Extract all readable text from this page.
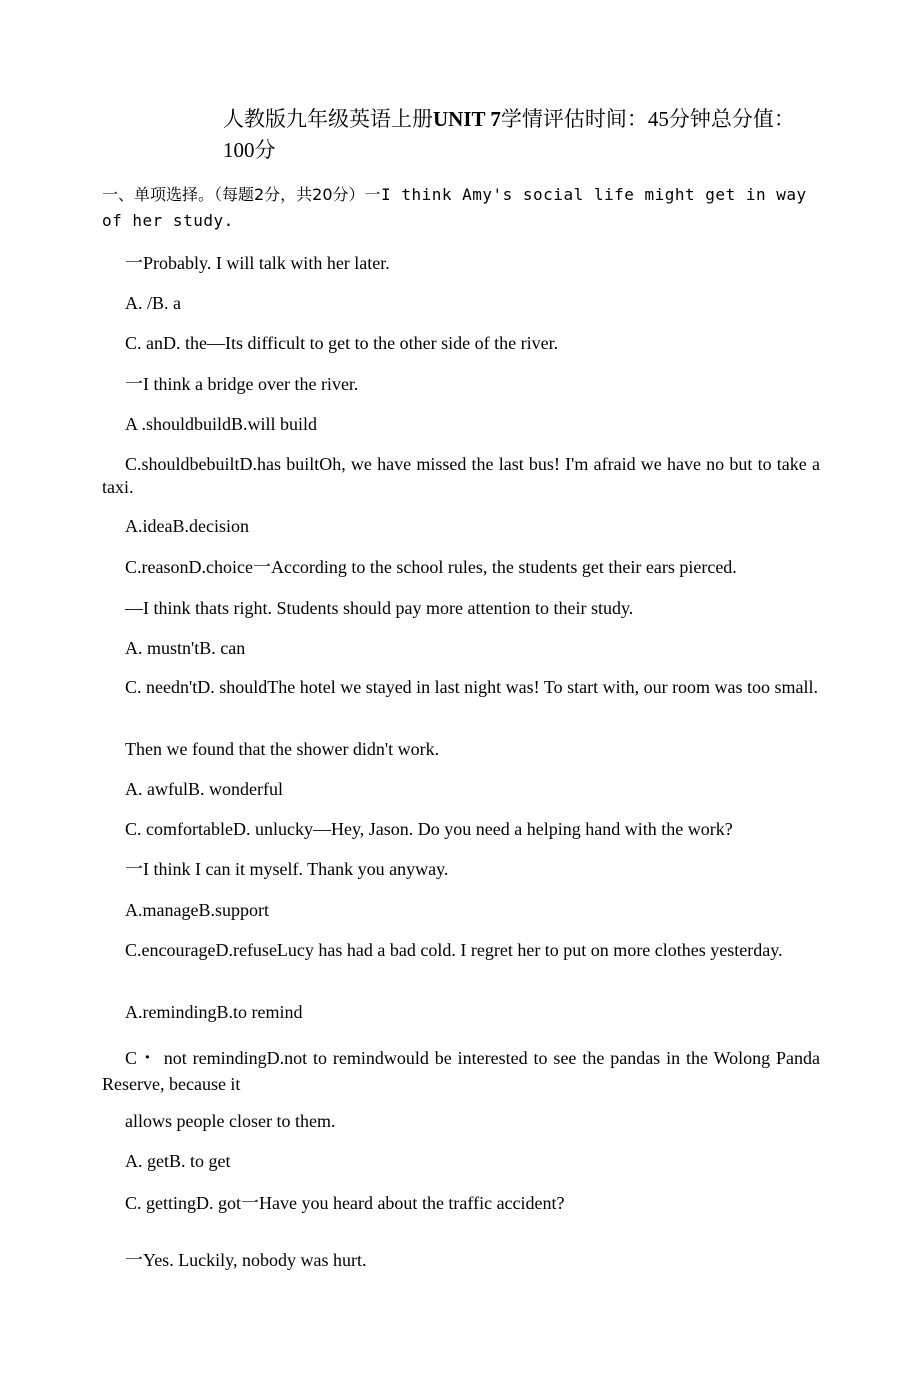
人教版九年级英语上册UNIT 7学情评估时间：45分钟总分值：100分

一、单项选择。（每题2分，共20分）一I think Amy's social life might get in way of her study.

一Probably. I will talk with her later.

A. /B. a

C. anD. the—Its difficult to get to the other side of the river.

一I think a bridge over the river.

A .shouldbuildB.will build

C.shouldbebuiltD.has builtOh, we have missed the last bus! I'm afraid we have no but to take a taxi.

A.ideaB.decision

C.reasonD.choice一According to the school rules, the students get their ears pierced.

—I think thats right. Students should pay more attention to their study.

A. mustn'tB. can

C. needn'tD. shouldThe hotel we stayed in last night was! To start with, our room was too small.

Then we found that the shower didn't work.

A. awfulB. wonderful

C. comfortableD. unlucky—Hey, Jason. Do you need a helping hand with the work?

一I think I can it myself. Thank you anyway.

A.manageB.support

C.encourageD.refuseLucy has had a bad cold. I regret her to put on more clothes yesterday.

A.remindingB.to remind

C・ not remindingD.not to remindwould be interested to see the pandas in the Wolong Panda Reserve, because it

allows people closer to them.

A. getB. to get

C. gettingD. got一Have you heard about the traffic accident?

一Yes. Luckily, nobody was hurt.
